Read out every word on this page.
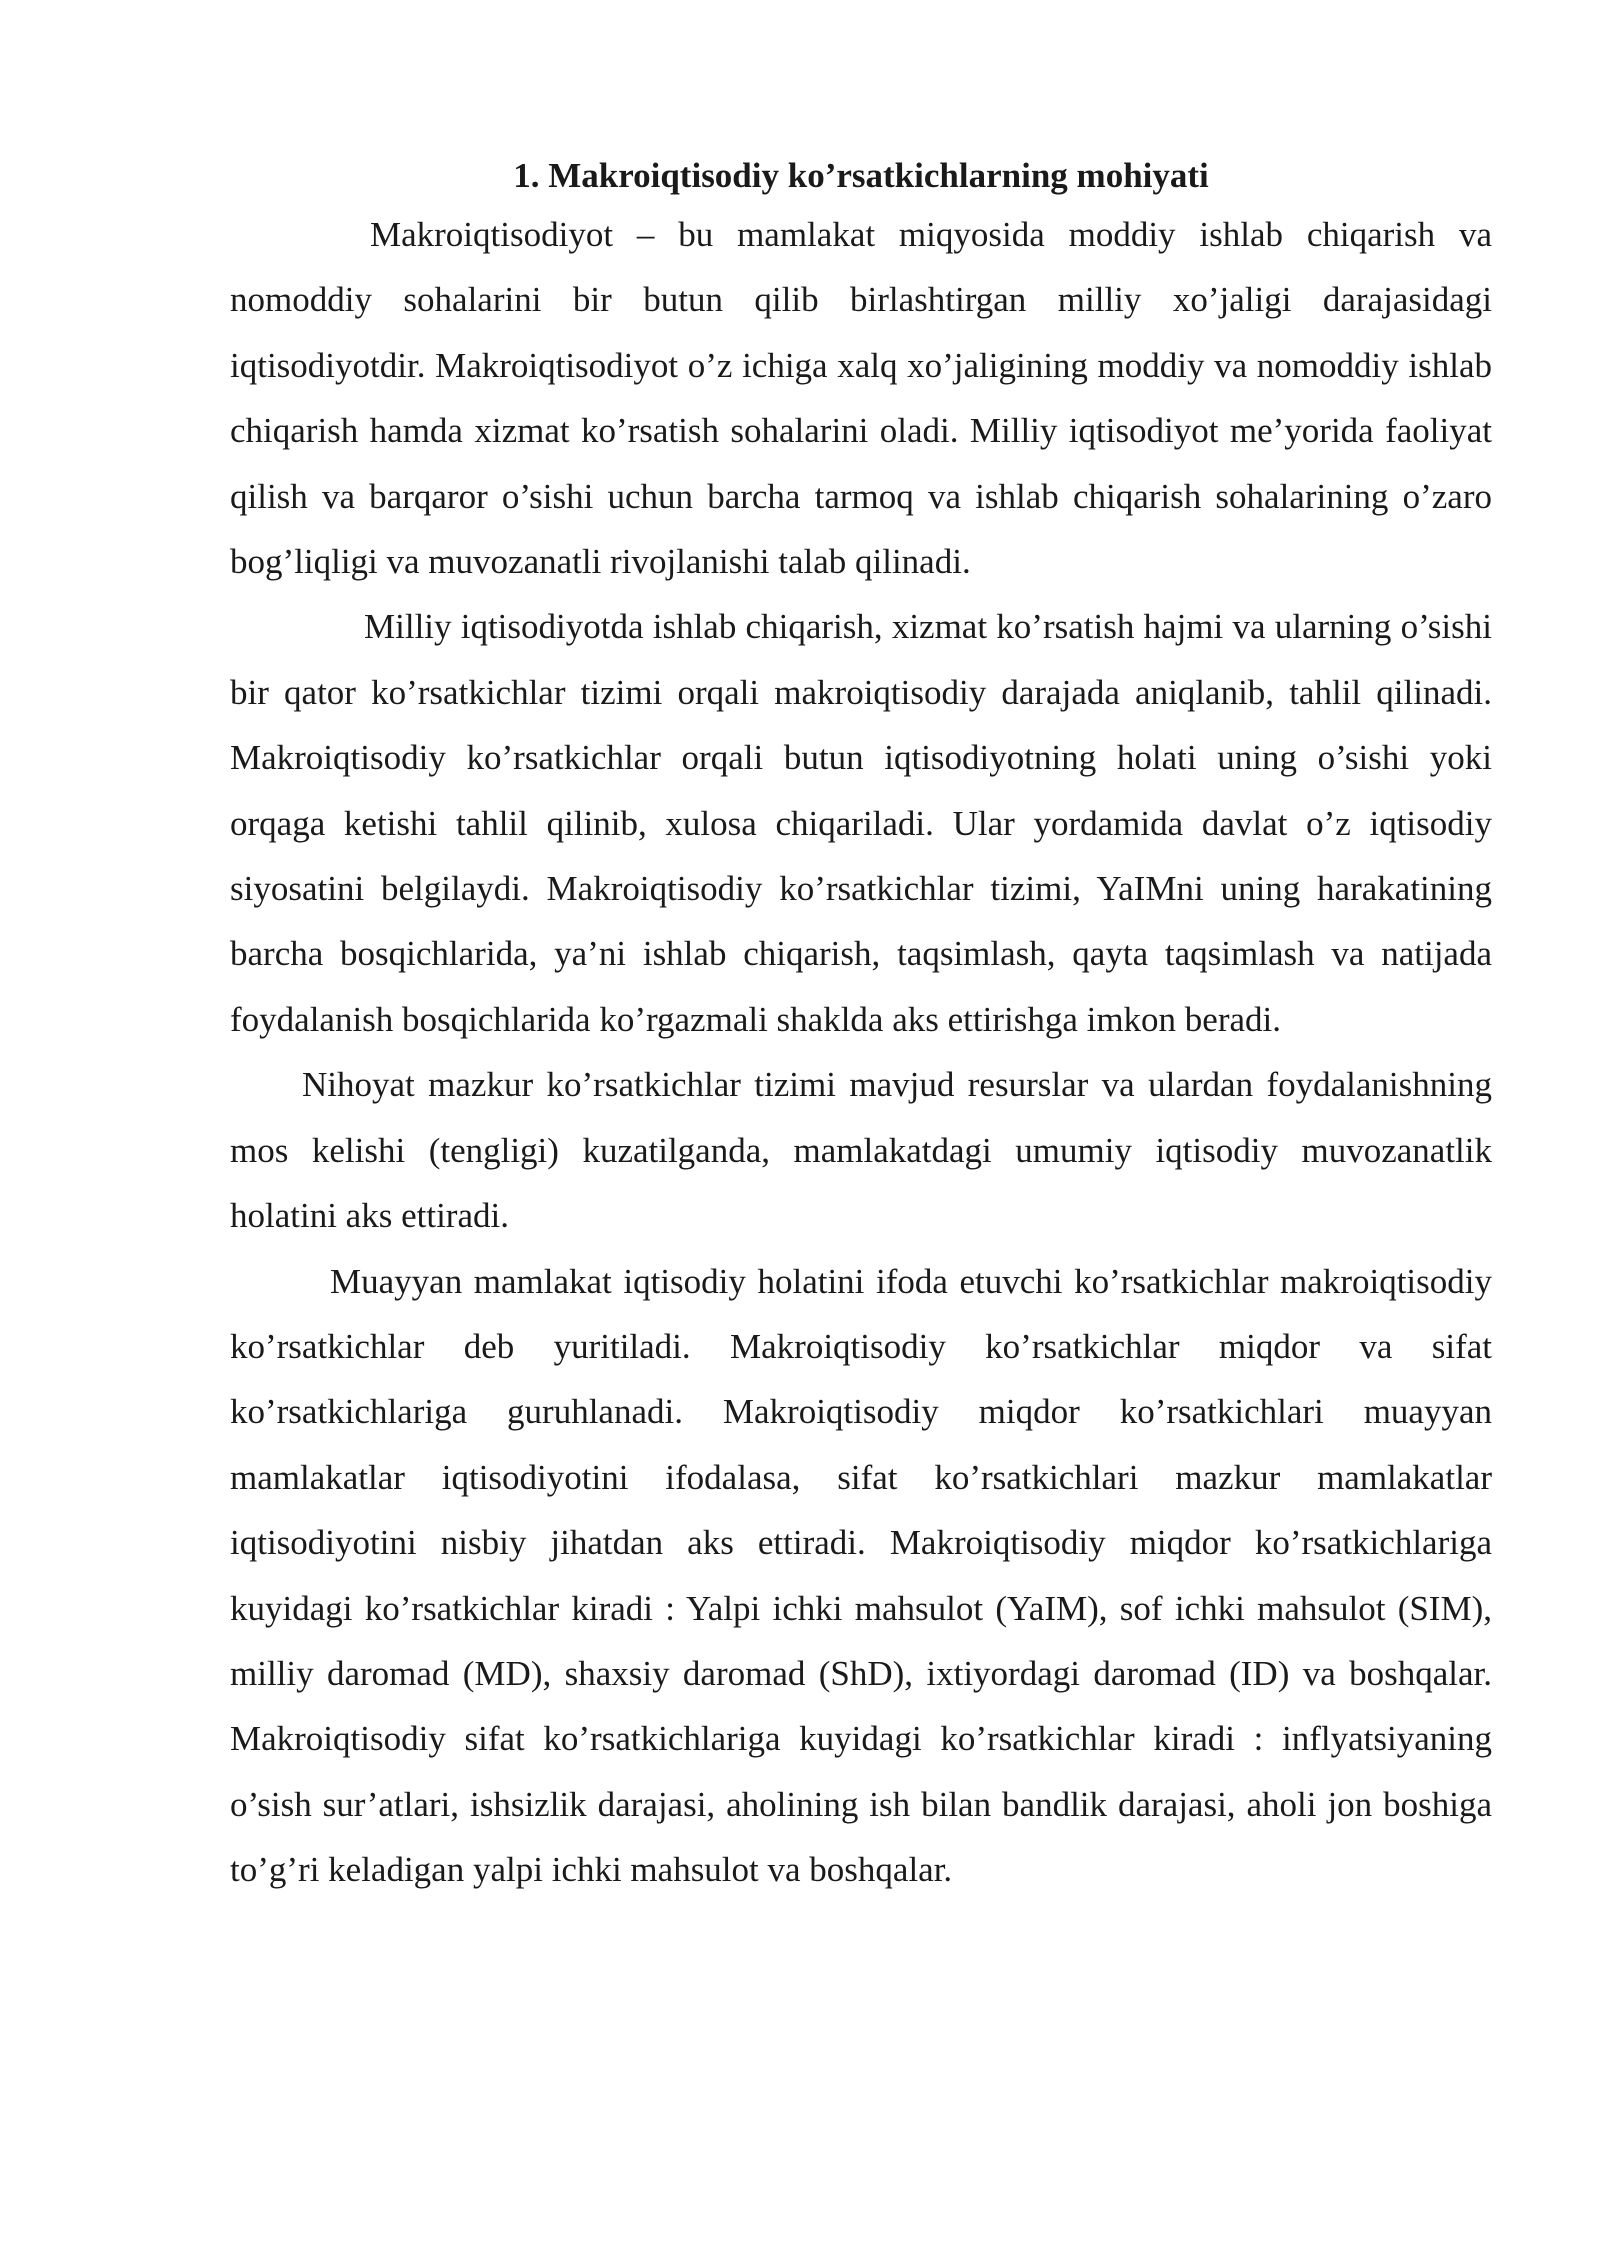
1. Makroiqtisodiy ko’rsatkichlarning mohiyati

Makroiqtisodiyot – bu mamlakat miqyosida moddiy ishlab chiqarish va nomoddiy sohalarini bir butun qilib birlashtirgan milliy xo’jaligi darajasidagi iqtisodiyotdir. Makroiqtisodiyot o’z ichiga xalq xo’jaligining moddiy va nomoddiy ishlab chiqarish hamda xizmat ko’rsatish sohalarini oladi. Milliy iqtisodiyot me’yorida faoliyat qilish va barqaror o’sishi uchun barcha tarmoq va ishlab chiqarish sohalarining o’zaro bog’liqligi va muvozanatli rivojlanishi talab qilinadi.

Milliy iqtisodiyotda ishlab chiqarish, xizmat ko’rsatish hajmi va ularning o’sishi bir qator ko’rsatkichlar tizimi orqali makroiqtisodiy darajada aniqlanib, tahlil qilinadi. Makroiqtisodiy ko’rsatkichlar orqali butun iqtisodiyotning holati uning o’sishi yoki orqaga ketishi tahlil qilinib, xulosa chiqariladi. Ular yordamida davlat o’z iqtisodiy siyosatini belgilaydi. Makroiqtisodiy ko’rsatkichlar tizimi, YaIMni uning harakatining barcha bosqichlarida, ya’ni ishlab chiqarish, taqsimlash, qayta taqsimlash va natijada foydalanish bosqichlarida ko’rgazmali shakldа aks ettirishga imkon beradi.

Nihoyat mazkur ko’rsatkichlar tizimi mavjud resurslar va ulardan foydalanishning mos kelishi (tengligi) kuzatilganda, mamlakatdagi umumiy iqtisodiy muvozanatlik holatini aks ettiradi.

Muayyan mamlakat iqtisodiy holatini ifoda etuvchi ko’rsatkichlar makroiqtisodiy ko’rsatkichlar deb yuritiladi. Makroiqtisodiy ko’rsatkichlar miqdor va sifat ko’rsatkichlariga guruhlanadi. Makroiqtisodiy miqdor ko’rsatkichlari muayyan mamlakatlar iqtisodiyotini ifodalasa, sifat ko’rsatkichlari mazkur mamlakatlar iqtisodiyotini nisbiy jihatdan aks ettiradi. Makroiqtisodiy miqdor ko’rsatkichlariga kuyidagi ko’rsatkichlar kiradi : Yalpi ichki mahsulot (YaIM), sof ichki mahsulot (SIM), milliy daromad (MD), shaxsiy daromad (ShD), ixtiyordagi daromad (ID) va boshqalar. Makroiqtisodiy sifat ko’rsatkichlariga kuyidagi ko’rsatkichlar kiradi : inflyatsiyaning o’sish sur’atlari, ishsizlik darajasi, aholining ish bilan bandlik darajasi, aholi jon boshiga to’g’ri keladigan yalpi ichki mahsulot va boshqalar.
